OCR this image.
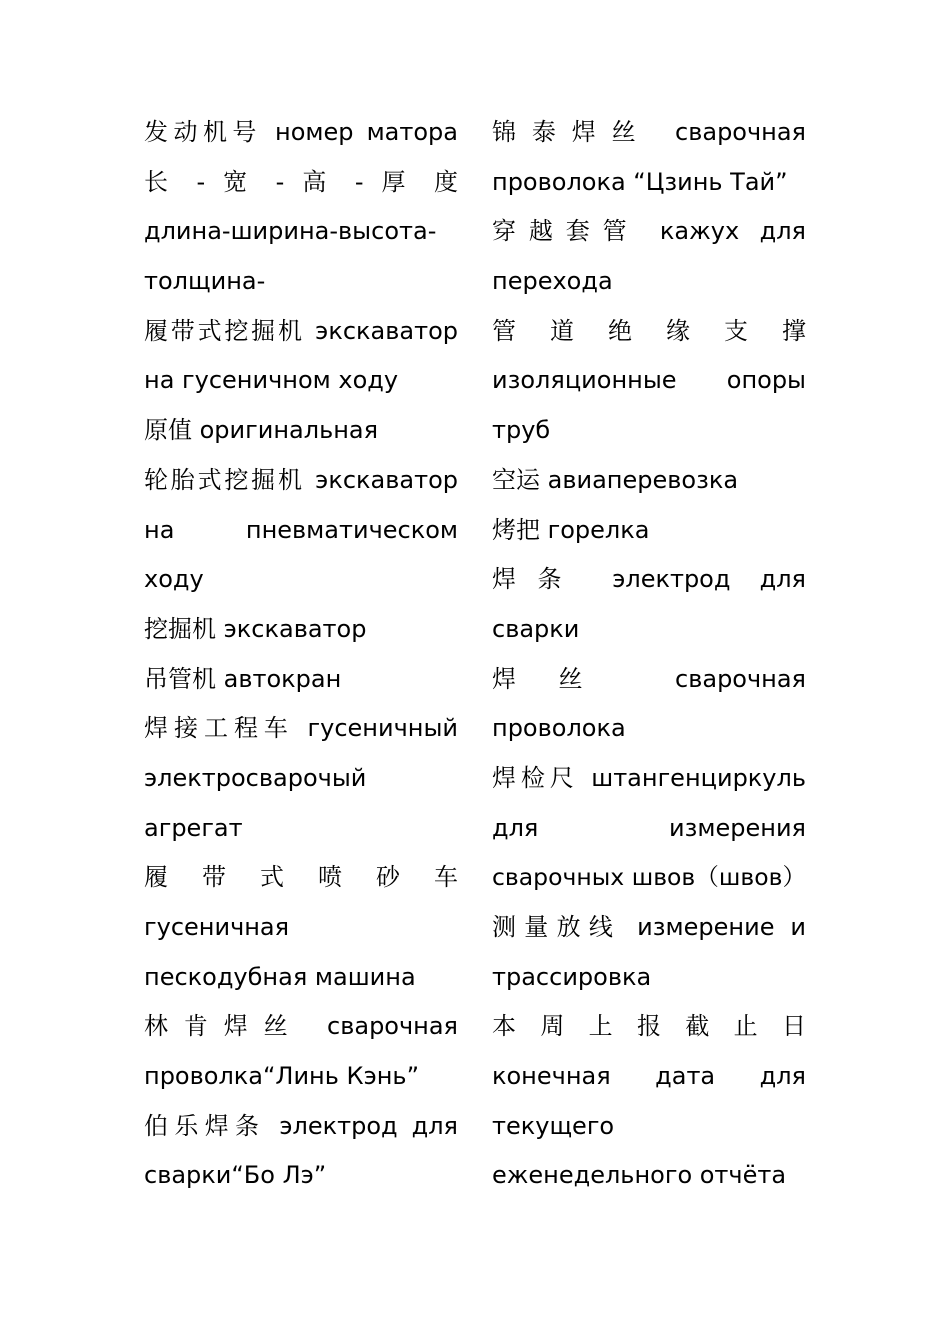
发动机号 номер матора
长 - 宽 - 高 - 厚 度
длина-ширина-высота-
толщина-
履带式挖掘机 экскаватор
на гусеничном ходу
原值 оригинальная
轮胎式挖掘机 экскаватор
на пневматическом
ходу
挖掘机 экскаватор
吊管机 автокран
焊接工程车 гусеничный
электросварочый
агрегат
履 带 式 喷 砂 车
гусеничная
пескодубная машина
林肯焊丝 сварочная
проволка“Линь Кэнь”
伯乐焊条 электрод для
сварки“Бо Лэ”
锦泰焊丝 сварочная
проволока “Цзинь Тай”
穿越套管 кажух для
перехода
管 道 绝 缘 支 撑
изоляционные опоры
труб
空运 авиаперевозка
烤把 горелка
焊条 электрод для
сварки
焊丝 сварочная
проволока
焊检尺 штангенциркуль
для измерения
сварочных швов（швов）
测量放线 измерение и
трассировка
本 周 上 报 截 止 日
конечная дата для
текущего
еженедельного отчёта
